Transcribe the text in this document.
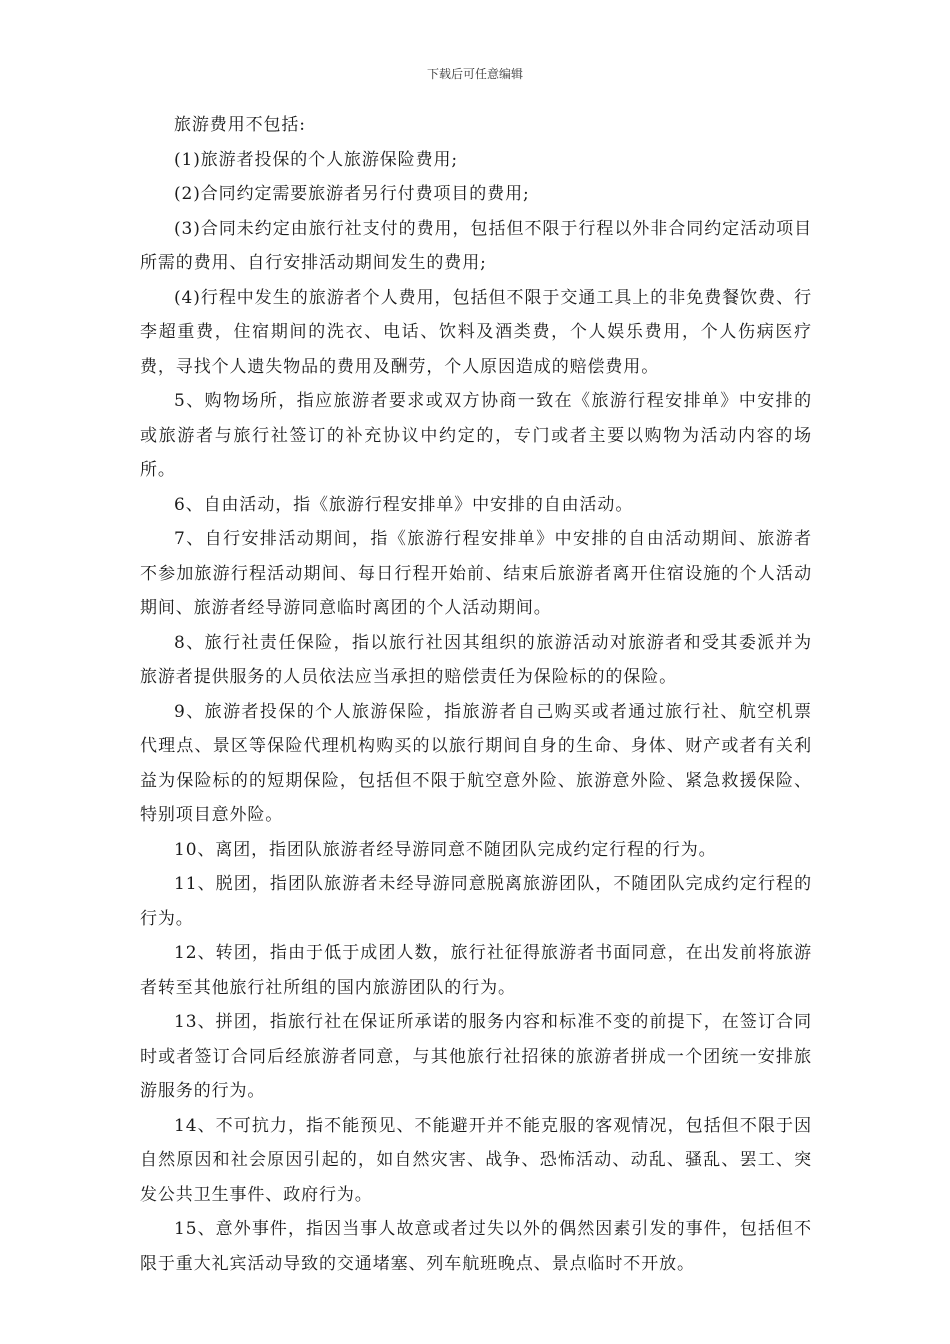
下载后可任意编辑

旅游费用不包括:

(1)旅游者投保的个人旅游保险费用;

(2)合同约定需要旅游者另行付费项目的费用;

(3)合同未约定由旅行社支付的费用，包括但不限于行程以外非合同约定活动项目所需的费用、自行安排活动期间发生的费用;

(4)行程中发生的旅游者个人费用，包括但不限于交通工具上的非免费餐饮费、行李超重费，住宿期间的洗衣、电话、饮料及酒类费，个人娱乐费用，个人伤病医疗费，寻找个人遗失物品的费用及酬劳，个人原因造成的赔偿费用。

5、购物场所，指应旅游者要求或双方协商一致在《旅游行程安排单》中安排的或旅游者与旅行社签订的补充协议中约定的，专门或者主要以购物为活动内容的场所。

6、自由活动，指《旅游行程安排单》中安排的自由活动。

7、自行安排活动期间，指《旅游行程安排单》中安排的自由活动期间、旅游者不参加旅游行程活动期间、每日行程开始前、结束后旅游者离开住宿设施的个人活动期间、旅游者经导游同意临时离团的个人活动期间。

8、旅行社责任保险，指以旅行社因其组织的旅游活动对旅游者和受其委派并为旅游者提供服务的人员依法应当承担的赔偿责任为保险标的的保险。

9、旅游者投保的个人旅游保险，指旅游者自己购买或者通过旅行社、航空机票代理点、景区等保险代理机构购买的以旅行期间自身的生命、身体、财产或者有关利益为保险标的的短期保险，包括但不限于航空意外险、旅游意外险、紧急救援保险、特别项目意外险。

10、离团，指团队旅游者经导游同意不随团队完成约定行程的行为。

11、脱团，指团队旅游者未经导游同意脱离旅游团队，不随团队完成约定行程的行为。

12、转团，指由于低于成团人数，旅行社征得旅游者书面同意，在出发前将旅游者转至其他旅行社所组的国内旅游团队的行为。

13、拼团，指旅行社在保证所承诺的服务内容和标准不变的前提下，在签订合同时或者签订合同后经旅游者同意，与其他旅行社招徕的旅游者拼成一个团统一安排旅游服务的行为。

14、不可抗力，指不能预见、不能避开并不能克服的客观情况，包括但不限于因自然原因和社会原因引起的，如自然灾害、战争、恐怖活动、动乱、骚乱、罢工、突发公共卫生事件、政府行为。

15、意外事件，指因当事人故意或者过失以外的偶然因素引发的事件，包括但不限于重大礼宾活动导致的交通堵塞、列车航班晚点、景点临时不开放。
